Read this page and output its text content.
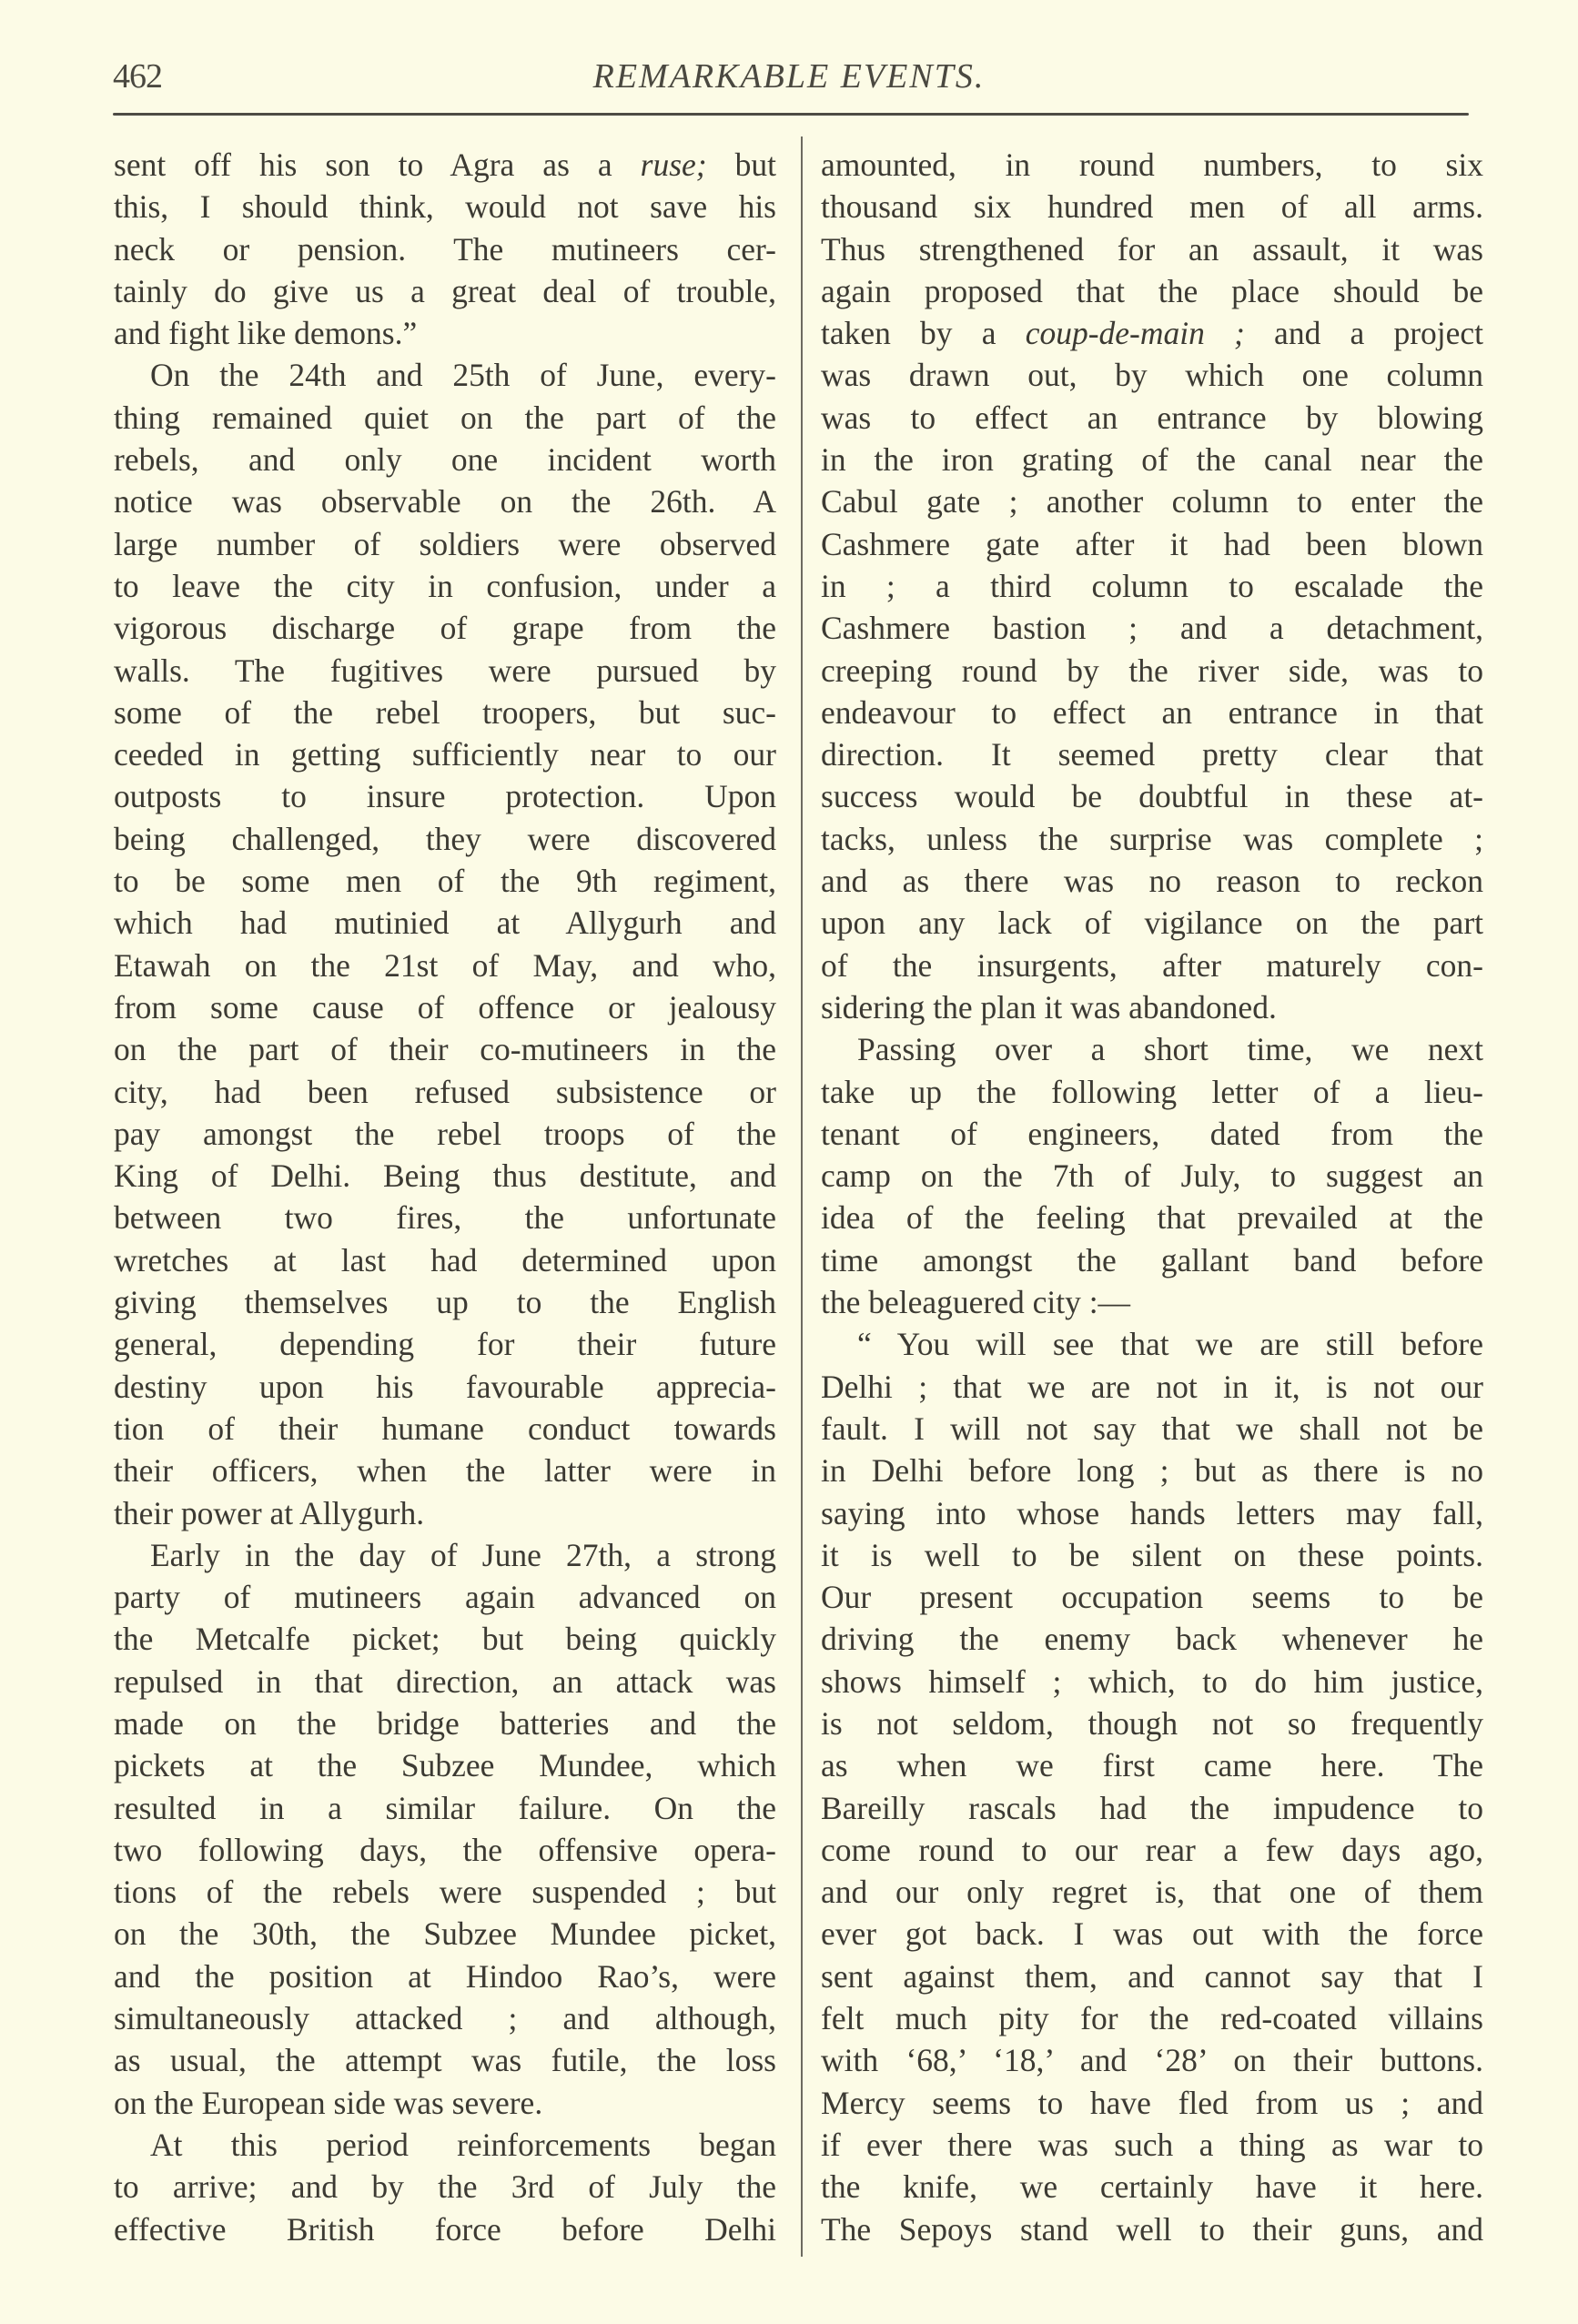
462	REMARKABLE EVENTS.
sent off his son to Agra as a ruse; but
this, I should think, would not save his
neck or pension. The mutineers cer-
tainly do give us a great deal of trouble,
and fight like demons.”
On the 24th and 25th of June, every-
thing remained quiet on the part of the
rebels, and only one incident worth
notice was observable on the 26th. A
large number of soldiers were observed
to leave the city in confusion, under a
vigorous discharge of grape from the
walls. The fugitives were pursued by
some of the rebel troopers, but suc-
ceeded in getting sufficiently near to our
outposts to insure protection. Upon
being challenged, they were discovered
to be some men of the 9th regiment,
which had mutinied at Allygurh and
Etawah on the 21st of May, and who,
from some cause of offence or jealousy
on the part of their co-mutineers in the
city, had been refused subsistence or
pay amongst the rebel troops of the
King of Delhi. Being thus destitute, and
between two fires, the unfortunate
wretches at last had determined upon
giving themselves up to the English
general, depending for their future
destiny upon his favourable apprecia-
tion of their humane conduct towards
their officers, when the latter were in
their power at Allygurh.
Early in the day of June 27th, a strong
party of mutineers again advanced on
the Metcalfe picket; but being quickly
repulsed in that direction, an attack was
made on the bridge batteries and the
pickets at the Subzee Mundee, which
resulted in a similar failure. On the
two following days, the offensive opera-
tions of the rebels were suspended ; but
on the 30th, the Subzee Mundee picket,
and the position at Hindoo Rao’s, were
simultaneously attacked ; and although,
as usual, the attempt was futile, the loss
on the European side was severe.
At this period reinforcements began
to arrive; and by the 3rd of July the
effective British force before Delhi
amounted, in round numbers, to six
thousand six hundred men of all arms.
Thus strengthened for an assault, it was
again proposed that the place should be
taken by a coup-de-main ; and a project
was drawn out, by which one column
was to effect an entrance by blowing
in the iron grating of the canal near the
Cabul gate ; another column to enter the
Cashmere gate after it had been blown
in ; a third column to escalade the
Cashmere bastion ; and a detachment,
creeping round by the river side, was to
endeavour to effect an entrance in that
direction. It seemed pretty clear that
success would be doubtful in these at-
tacks, unless the surprise was complete ;
and as there was no reason to reckon
upon any lack of vigilance on the part
of the insurgents, after maturely con-
sidering the plan it was abandoned.
Passing over a short time, we next
take up the following letter of a lieu-
tenant of engineers, dated from the
camp on the 7th of July, to suggest an
idea of the feeling that prevailed at the
time amongst the gallant band before
the beleaguered city :—
“ You will see that we are still before
Delhi ; that we are not in it, is not our
fault. I will not say that we shall not be
in Delhi before long ; but as there is no
saying into whose hands letters may fall,
it is well to be silent on these points.
Our present occupation seems to be
driving the enemy back whenever he
shows himself ; which, to do him justice,
is not seldom, though not so frequently
as when we first came here. The
Bareilly rascals had the impudence to
come round to our rear a few days ago,
and our only regret is, that one of them
ever got back. I was out with the force
sent against them, and cannot say that I
felt much pity for the red-coated villains
with ‘68,’ ‘18,’ and ‘28’ on their buttons.
Mercy seems to have fled from us ; and
if ever there was such a thing as war to
the knife, we certainly have it here.
The Sepoys stand well to their guns, and
